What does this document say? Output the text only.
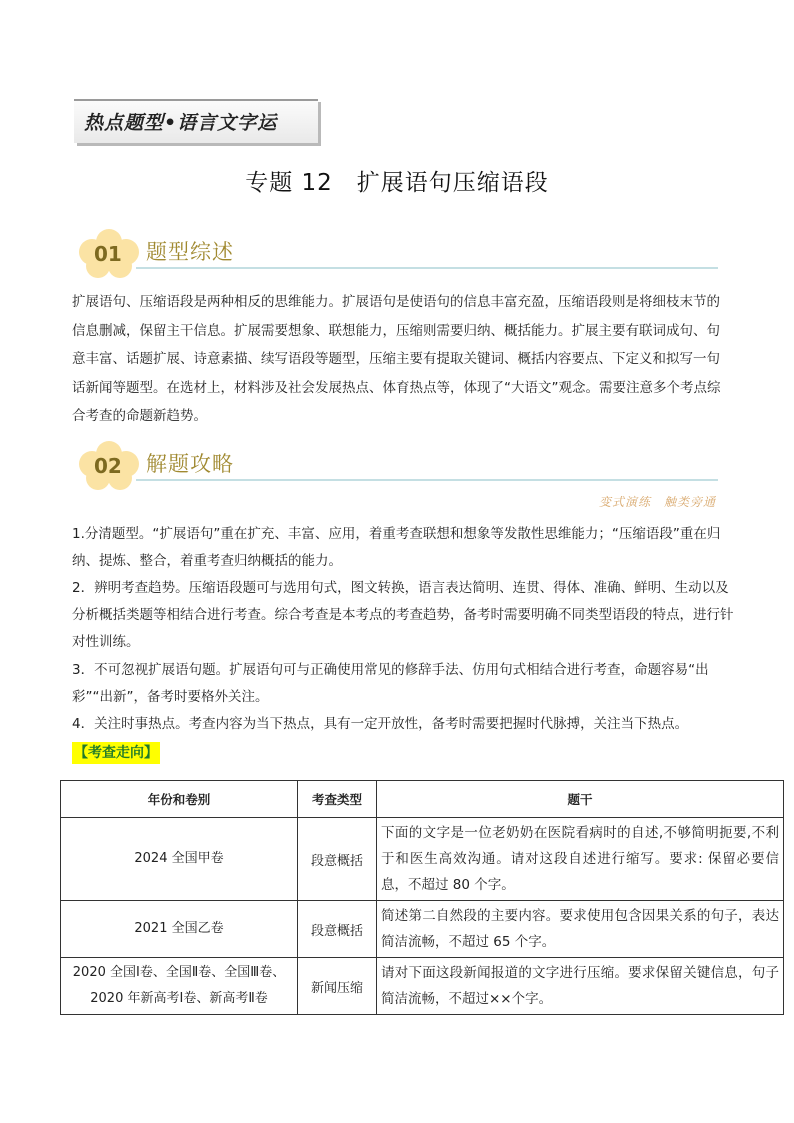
热点题型•语言文字运
专题 12　扩展语句压缩语段
01 题型综述

扩展语句、压缩语段是两种相反的思维能力。扩展语句是使语句的信息丰富充盈，压缩语段则是将细枝末节的信息删减，保留主干信息。扩展需要想象、联想能力，压缩则需要归纳、概括能力。扩展主要有联词成句、句意丰富、话题扩展、诗意素描、续写语段等题型，压缩主要有提取关键词、概括内容要点、下定义和拟写一句话新闻等题型。在选材上，材料涉及社会发展热点、体育热点等，体现了“大语文”观念。需要注意多个考点综合考查的命题新趋势。

02 解题攻略
变式演练　触类旁通

1.分清题型。“扩展语句”重在扩充、丰富、应用，着重考查联想和想象等发散性思维能力；“压缩语段”重在归纳、提炼、整合，着重考查归纳概括的能力。

2．辨明考查趋势。压缩语段题可与选用句式，图文转换，语言表达简明、连贯、得体、准确、鲜明、生动以及分析概括类题等相结合进行考查。综合考查是本考点的考查趋势，备考时需要明确不同类型语段的特点，进行针对性训练。

3．不可忽视扩展语句题。扩展语句可与正确使用常见的修辞手法、仿用句式相结合进行考查，命题容易“出彩”“出新”，备考时要格外关注。

4．关注时事热点。考查内容为当下热点，具有一定开放性，备考时需要把握时代脉搏，关注当下热点。

【考查走向】
年份和卷别	考查类型	题干
2024 全国甲卷	段意概括	下面的文字是一位老奶奶在医院看病时的自述,不够简明扼要,不利于和医生高效沟通。请对这段自述进行缩写。要求: 保留必要信息，不超过 80 个字。
2021 全国乙卷	段意概括	简述第二自然段的主要内容。要求使用包含因果关系的句子，表达简洁流畅，不超过 65 个字。
2020 全国Ⅰ卷、全国Ⅱ卷、全国Ⅲ卷、2020 年新高考Ⅰ卷、新高考Ⅱ卷	新闻压缩	请对下面这段新闻报道的文字进行压缩。要求保留关键信息，句子简洁流畅，不超过××个字。
